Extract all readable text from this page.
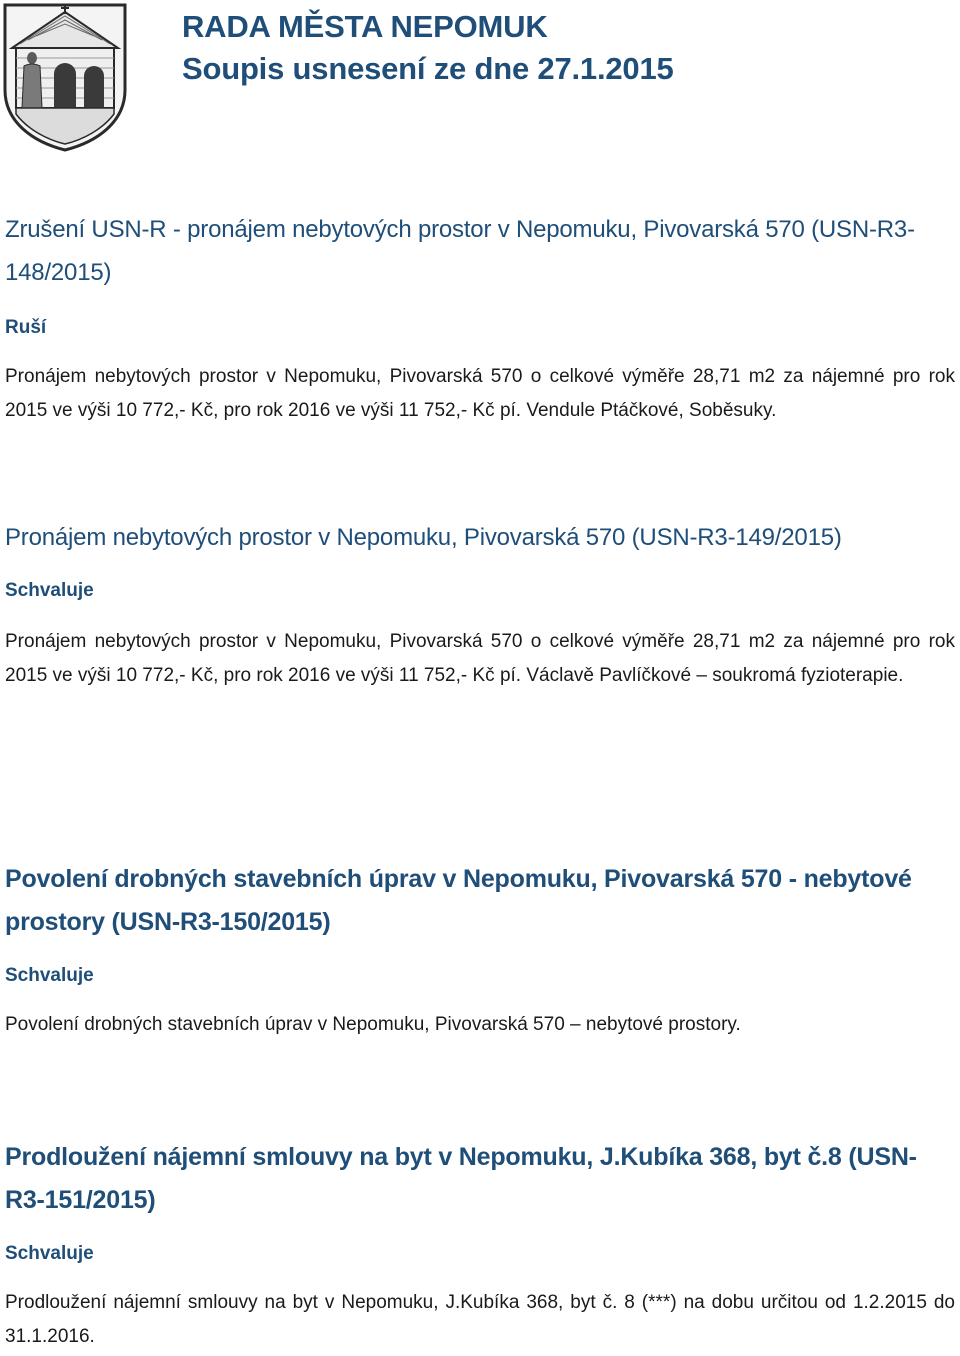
RADA MĚSTA NEPOMUK
Soupis usnesení ze dne 27.1.2015
Zrušení USN-R - pronájem nebytových prostor v Nepomuku, Pivovarská 570 (USN-R3-148/2015)

Ruší

Pronájem nebytových prostor v Nepomuku, Pivovarská 570 o celkové výměře 28,71 m2 za nájemné pro rok 2015 ve výši 10 772,- Kč, pro rok 2016 ve výši 11 752,- Kč pí. Vendule Ptáčkové, Soběsuky.

Pronájem nebytových prostor v Nepomuku, Pivovarská 570 (USN-R3-149/2015)

Schvaluje

Pronájem nebytových prostor v Nepomuku, Pivovarská 570 o celkové výměře 28,71 m2 za nájemné pro rok 2015 ve výši 10 772,- Kč, pro rok 2016 ve výši 11 752,- Kč pí. Václavě Pavlíčkové – soukromá fyzioterapie.

Povolení drobných stavebních úprav v Nepomuku, Pivovarská 570 - nebytové prostory (USN-R3-150/2015)

Schvaluje

Povolení drobných stavebních úprav v Nepomuku, Pivovarská 570 – nebytové prostory.

Prodloužení nájemní smlouvy na byt v Nepomuku, J.Kubíka 368, byt č.8 (USN-R3-151/2015)

Schvaluje

Prodloužení nájemní smlouvy na byt v Nepomuku, J.Kubíka 368, byt č. 8 (***) na dobu určitou od 1.2.2015 do 31.1.2016.
